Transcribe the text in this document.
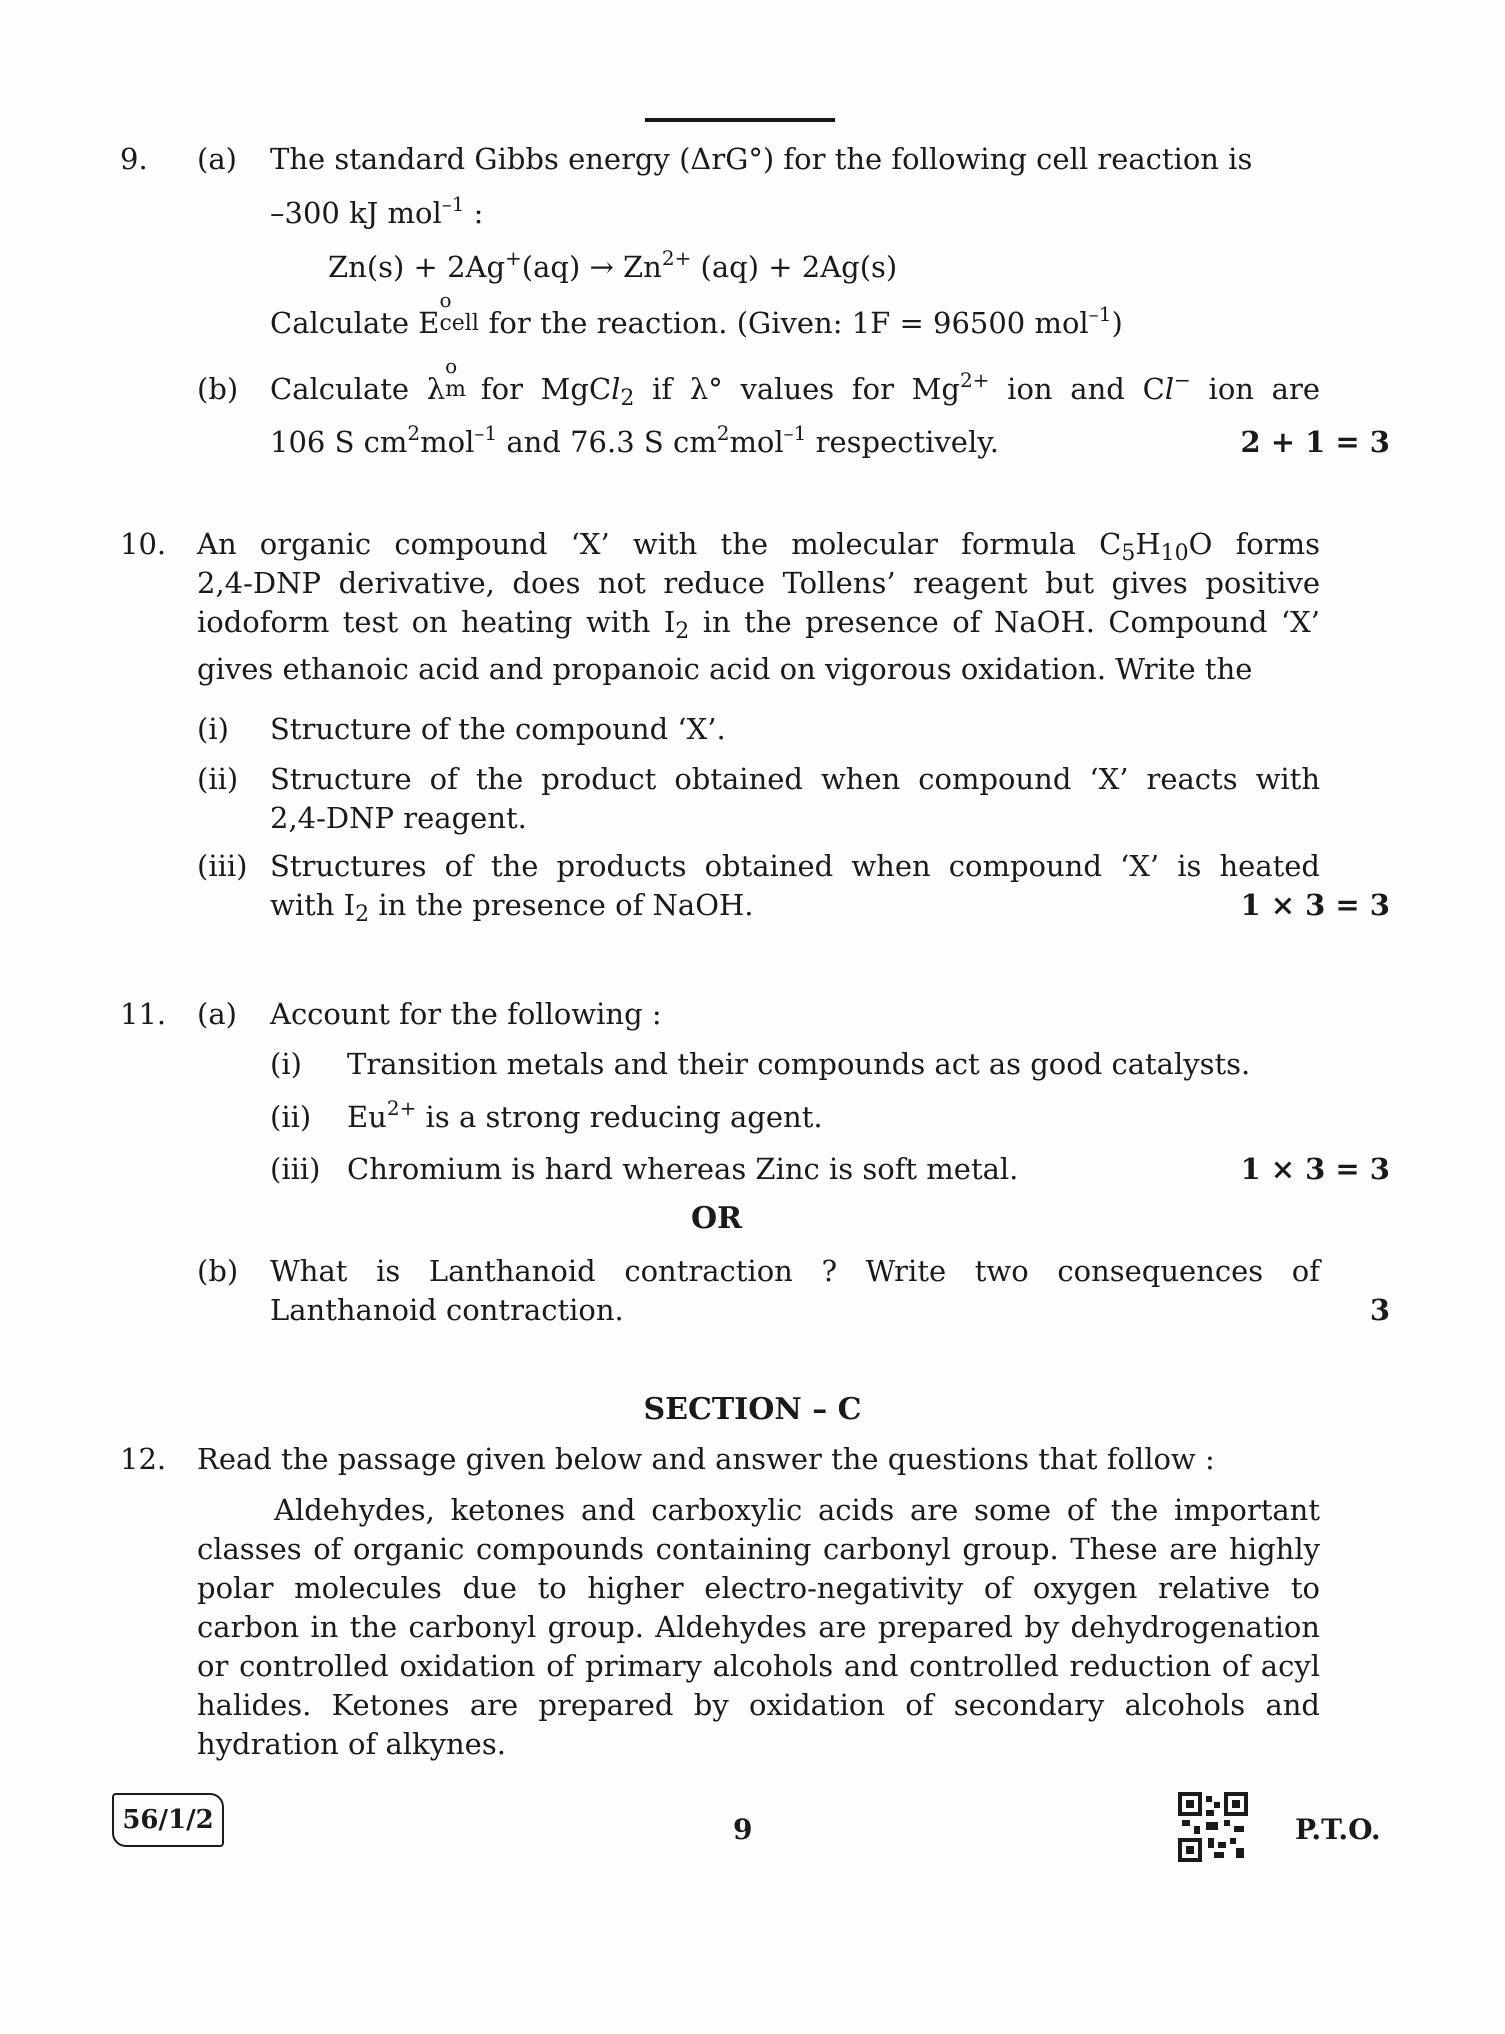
9. (a) The standard Gibbs energy (ΔrG°) for the following cell reaction is
–300 kJ mol$^{-1}$ :
$Zn(s) + 2Ag^+(aq) \to Zn^{2+}$ (aq) + 2Ag(s)
Calculate E
o
cell for the reaction. (Given: 1F = 96500 mol$^{-1}$)
(b) Calculate λ
o
m
for MgCl$_2$ if λ° values for $Mg^{2+}$ ion and Cl− ion are
106 S $cm^2mol^{-1}$ and 76.3 S $cm^2mol^{-1}$ respectively.	2 + 1 = 3
10. An organic compound ‘X’ with the molecular formula $C_5H_{10}O$ forms
2,4-DNP derivative, does not reduce Tollens’ reagent but gives positive
iodoform test on heating with $I_2$ in the presence of NaOH. Compound ‘X’
gives ethanoic acid and propanoic acid on vigorous oxidation. Write the
(i) Structure of the compound ‘X’.
(ii) Structure of the product obtained when compound ‘X’ reacts with
2,4-DNP reagent.
(iii) Structures of the products obtained when compound ‘X’ is heated
with $I_2$ in the presence of NaOH.	1 × 3 = 3
11. (a) Account for the following :
(i) Transition metals and their compounds act as good catalysts.
(ii) $Eu^{2+}$ is a strong reducing agent.
(iii) Chromium is hard whereas Zinc is soft metal.	1 × 3 = 3
OR
(b) What is Lanthanoid contraction ? Write two consequences of
Lanthanoid contraction.	3
SECTION – C
12. Read the passage given below and answer the questions that follow :
Aldehydes, ketones and carboxylic acids are some of the important
classes of organic compounds containing carbonyl group. These are highly
polar molecules due to higher electro-negativity of oxygen relative to
carbon in the carbonyl group. Aldehydes are prepared by dehydrogenation
or controlled oxidation of primary alcohols and controlled reduction of acyl
halides. Ketones are prepared by oxidation of secondary alcohols and
hydration of alkynes.
56/1/2	9	P.T.O.
